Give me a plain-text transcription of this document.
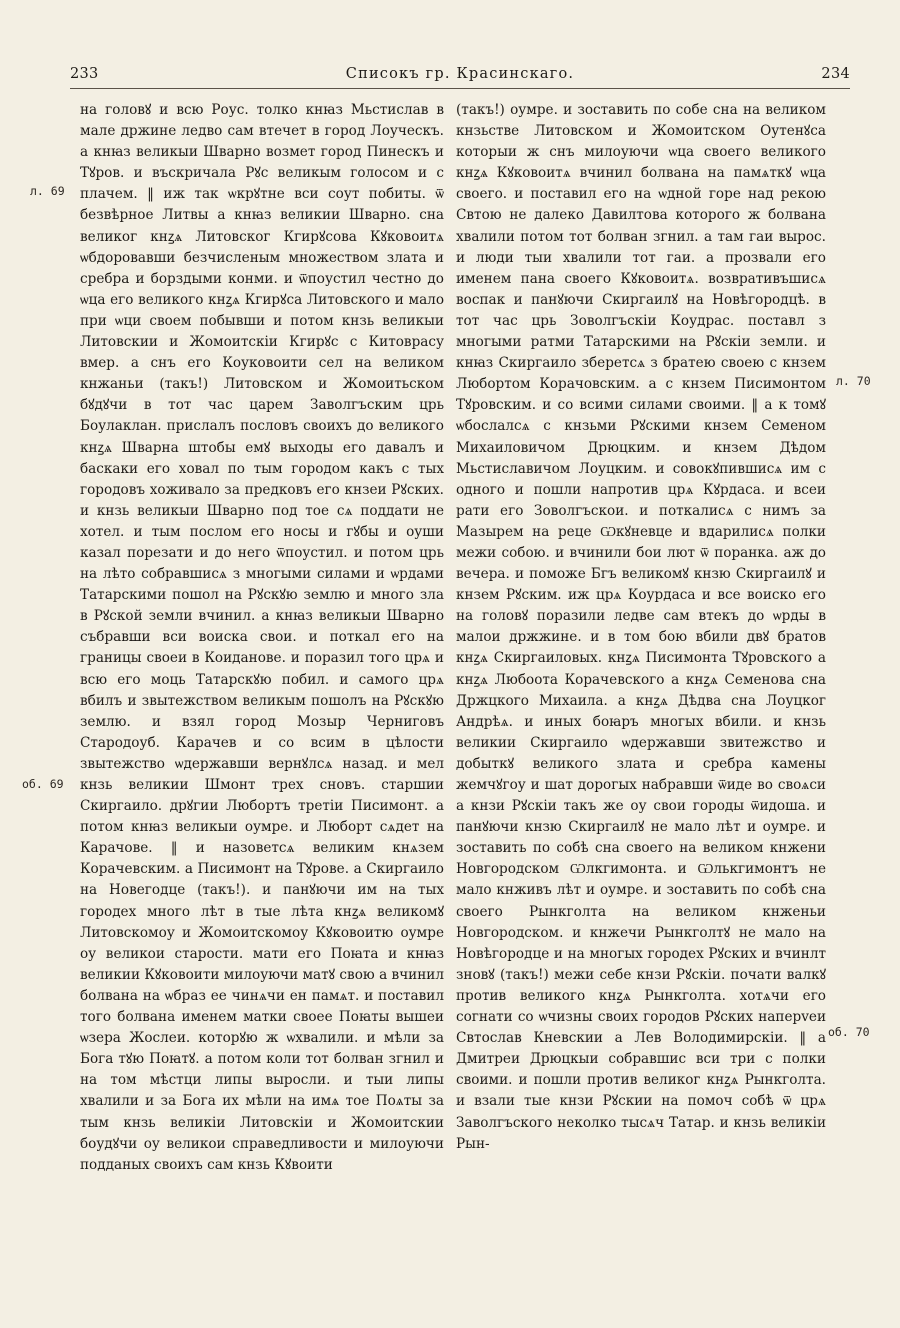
233	Списокъ гр. Красинскаго.	234
л. 69
об. 69
л. 70
об. 70

на головꙋ и всю Роус. толко кнꙗз Мьстислав в мале држине ледво сам втечет в город Лоуческъ. а кнꙗз великыи Шварно возмет город Пинескъ и Тꙋров. и въскричала Рꙋс великым голосом и с плачем. ‖ иж так ѡкрꙋтне вси соут побиты. ѿ безвѣрное Литвы а кнꙗз великии Шварно. сна великог кнꙁѧ Литовског Кгирꙋсова Кꙋковоитѧ ѡбдоровавши безчисленым множеством злата и сребра и борздыми конми. и ѿпоустил честно до ѡца его великого кнꙁѧ Кгирꙋса Литовского и мало при ѡци своем побывши и потом кнзь великыи Литовскии и Жомоитскіи Кгирꙋс с Китоврасу вмер. а снъ его Коуковоити сел на великом кнжаньи (такъ!) Литовском и Жомоитьском бꙋдꙋчи в тот час царем Заволгъским црь Боулаклан. прислалъ пословъ своихъ до великого кнꙁѧ Шварна штобы емꙋ выходы его давалъ и баскаки его ховал по тым городом какъ с тых городовъ хоживало за предковъ его кнзеи Рꙋских. и кнзь великыи Шварно под тое сѧ поддати не хотел. и тым послом его носы и гꙋбы и оуши казал порезати и до него ѿпоустил. и потом црь на лѣто собравшисѧ з многыми силами и ѡрдами Татарскими пошол на Рꙋскꙋю землю и много зла в Рꙋской земли вчинил. а кнꙗз великыи Шварно събравши вси воиска свои. и поткал его на границы своеи в Коиданове. и поразил того црѧ и всю его моць Татарскꙋю побил. и самого црѧ вбилъ и звытежством великым пошолъ на Рꙋскꙋю землю. и взял город Мозыр Черниговъ Стародоуб. Карачев и со всим в цѣлости звытежство ѡдержавши вернꙋлсѧ назад. и мел кнзь великии Шмонт трех сновъ. старшии Скиргаило. дрꙋгии Любортъ третіи Писимонт. а потом кнꙗз великыи оумре. и Люборт сѧдет на Карачове. ‖ и назоветсѧ великим кнѧзем Корачевским. а Писимонт на Тꙋрове. а Скиргаило на Новегодце (такъ!). и панꙋючи им на тых городех много лѣт в тые лѣта кнꙁѧ великомꙋ Литовскомоу и Жомоитскомоу Кꙋковоитю оумре оу великои старости. мати его Поꙗта и кнꙗз великии Кꙋковоити милоуючи матꙋ свою а вчинил болвана на ѡбраз ее чинѧчи ен памѧт. и поставил того болвана именем матки своее Поꙗты вышеи ѡзера Жослеи. которꙋю ж ѡхвалили. и мѣли за Бога тꙋю Поꙗтꙋ. а потом коли тот болван згнил и на том мѣстци липы выросли. и тыи липы хвалили и за Бога их мѣли на имѧ тое Поѧты за тым кнзь великіи Литовскіи и Жомоитскии боудꙋчи оу великои справедливости и милоуючи подданых своихъ сам кнзь Кꙋвоити

(такъ!) оумре. и зоставить по собе сна на великом кнзьстве Литовском и Жомоитском Оутенꙋса которыи ж снъ милоуючи ѡца своего великого кнꙁѧ Кꙋковоитѧ вчинил болвана на памѧткꙋ ѡца своего. и поставил его на ѡдной горе над рекою Свтою не далеко Давилтова которого ж болвана хвалили потом тот болван згнил. а там гаи вырос. и люди тыи хвалили тот гаи. а прозвали его именем пана своего Кꙋковоитѧ. возвративъшисѧ воспак и панꙋючи Скиргаилꙋ на Новѣгородцѣ. в тот час црь Зоволгъскіи Коудрас. поставл з многыми ратми Татарскими на Рꙋскіи земли. и кнꙗз Скиргаило зберетсѧ з братею своею с кнзем Любортом Корачовским. а с кнзем Писимонтом Тꙋровским. и со всими силами своими. ‖ а к томꙋ ѡбослалсѧ с кнзьми Рꙋскими кнзем Семеном Михаиловичом Дрюцким. и кнзем Дѣдом Мьстиславичом Лоуцким. и совокꙋпившисѧ им с одного и пошли напротив црѧ Кꙋрдаса. и всеи рати его Зоволгъскои. и поткалисѧ с нимъ за Мазырем на реце Ѡкꙋневце и вдарилисѧ полки межи собою. и вчинили бои лют ѿ поранка. аж до вечера. и поможе Бгъ великомꙋ кнзю Скиргаилꙋ и кнзем Рꙋским. иж црѧ Коурдаса и все воиско его на головꙋ поразили ледве сам втекъ до ѡрды в малои држжине. и в том бою вбили двꙋ братов кнꙁѧ Скиргаиловых. кнꙁѧ Писимонта Тꙋровского а кнꙁѧ Любоота Корачевского а кнꙁѧ Семенова сна Држцкого Михаила. а кнꙁѧ Дѣдва сна Лоуцког Андрѣѧ. и иных боꙗръ многых вбили. и кнзь великии Скиргаило ѡдержавши звитежство и добыткꙋ великого злата и сребра камены жемчꙋгоу и шат дорогых набравши ѿиде во своѧси а кнзи Рꙋскіи такъ же оу свои городы ѿидоша. и панꙋючи кнзю Скиргаилꙋ не мало лѣт и оумре. и зоставить по собѣ сна своего на великом кнжени Новгородском Ѡлкгимонта. и Ѡлькгимонтъ не мало кнживъ лѣт и оумре. и зоставить по собѣ сна своего Рынкголта на великом кнженьи Новгородском. и кнжечи Рынкголтꙋ не мало на Новѣгородце и на многых городех Рꙋских и вчинлт зновꙋ (такъ!) межи себе кнзи Рꙋскіи. почати валкꙋ против великого кнꙁѧ Рынкголта. хотѧчи его согнати со ѡчизны своих городов Рꙋских наперveи Свтослав Кневскии а Лев Володимирскіи. ‖ а Дмитреи Дрюцкыи собравшис вси три с полки своими. и пошли против великог кнꙁѧ Рынкголта. и взали тые кнзи Рꙋскии на помоч собѣ ѿ црѧ Заволгъского неколко тысѧч Татар. и кнзь великіи Рын-
